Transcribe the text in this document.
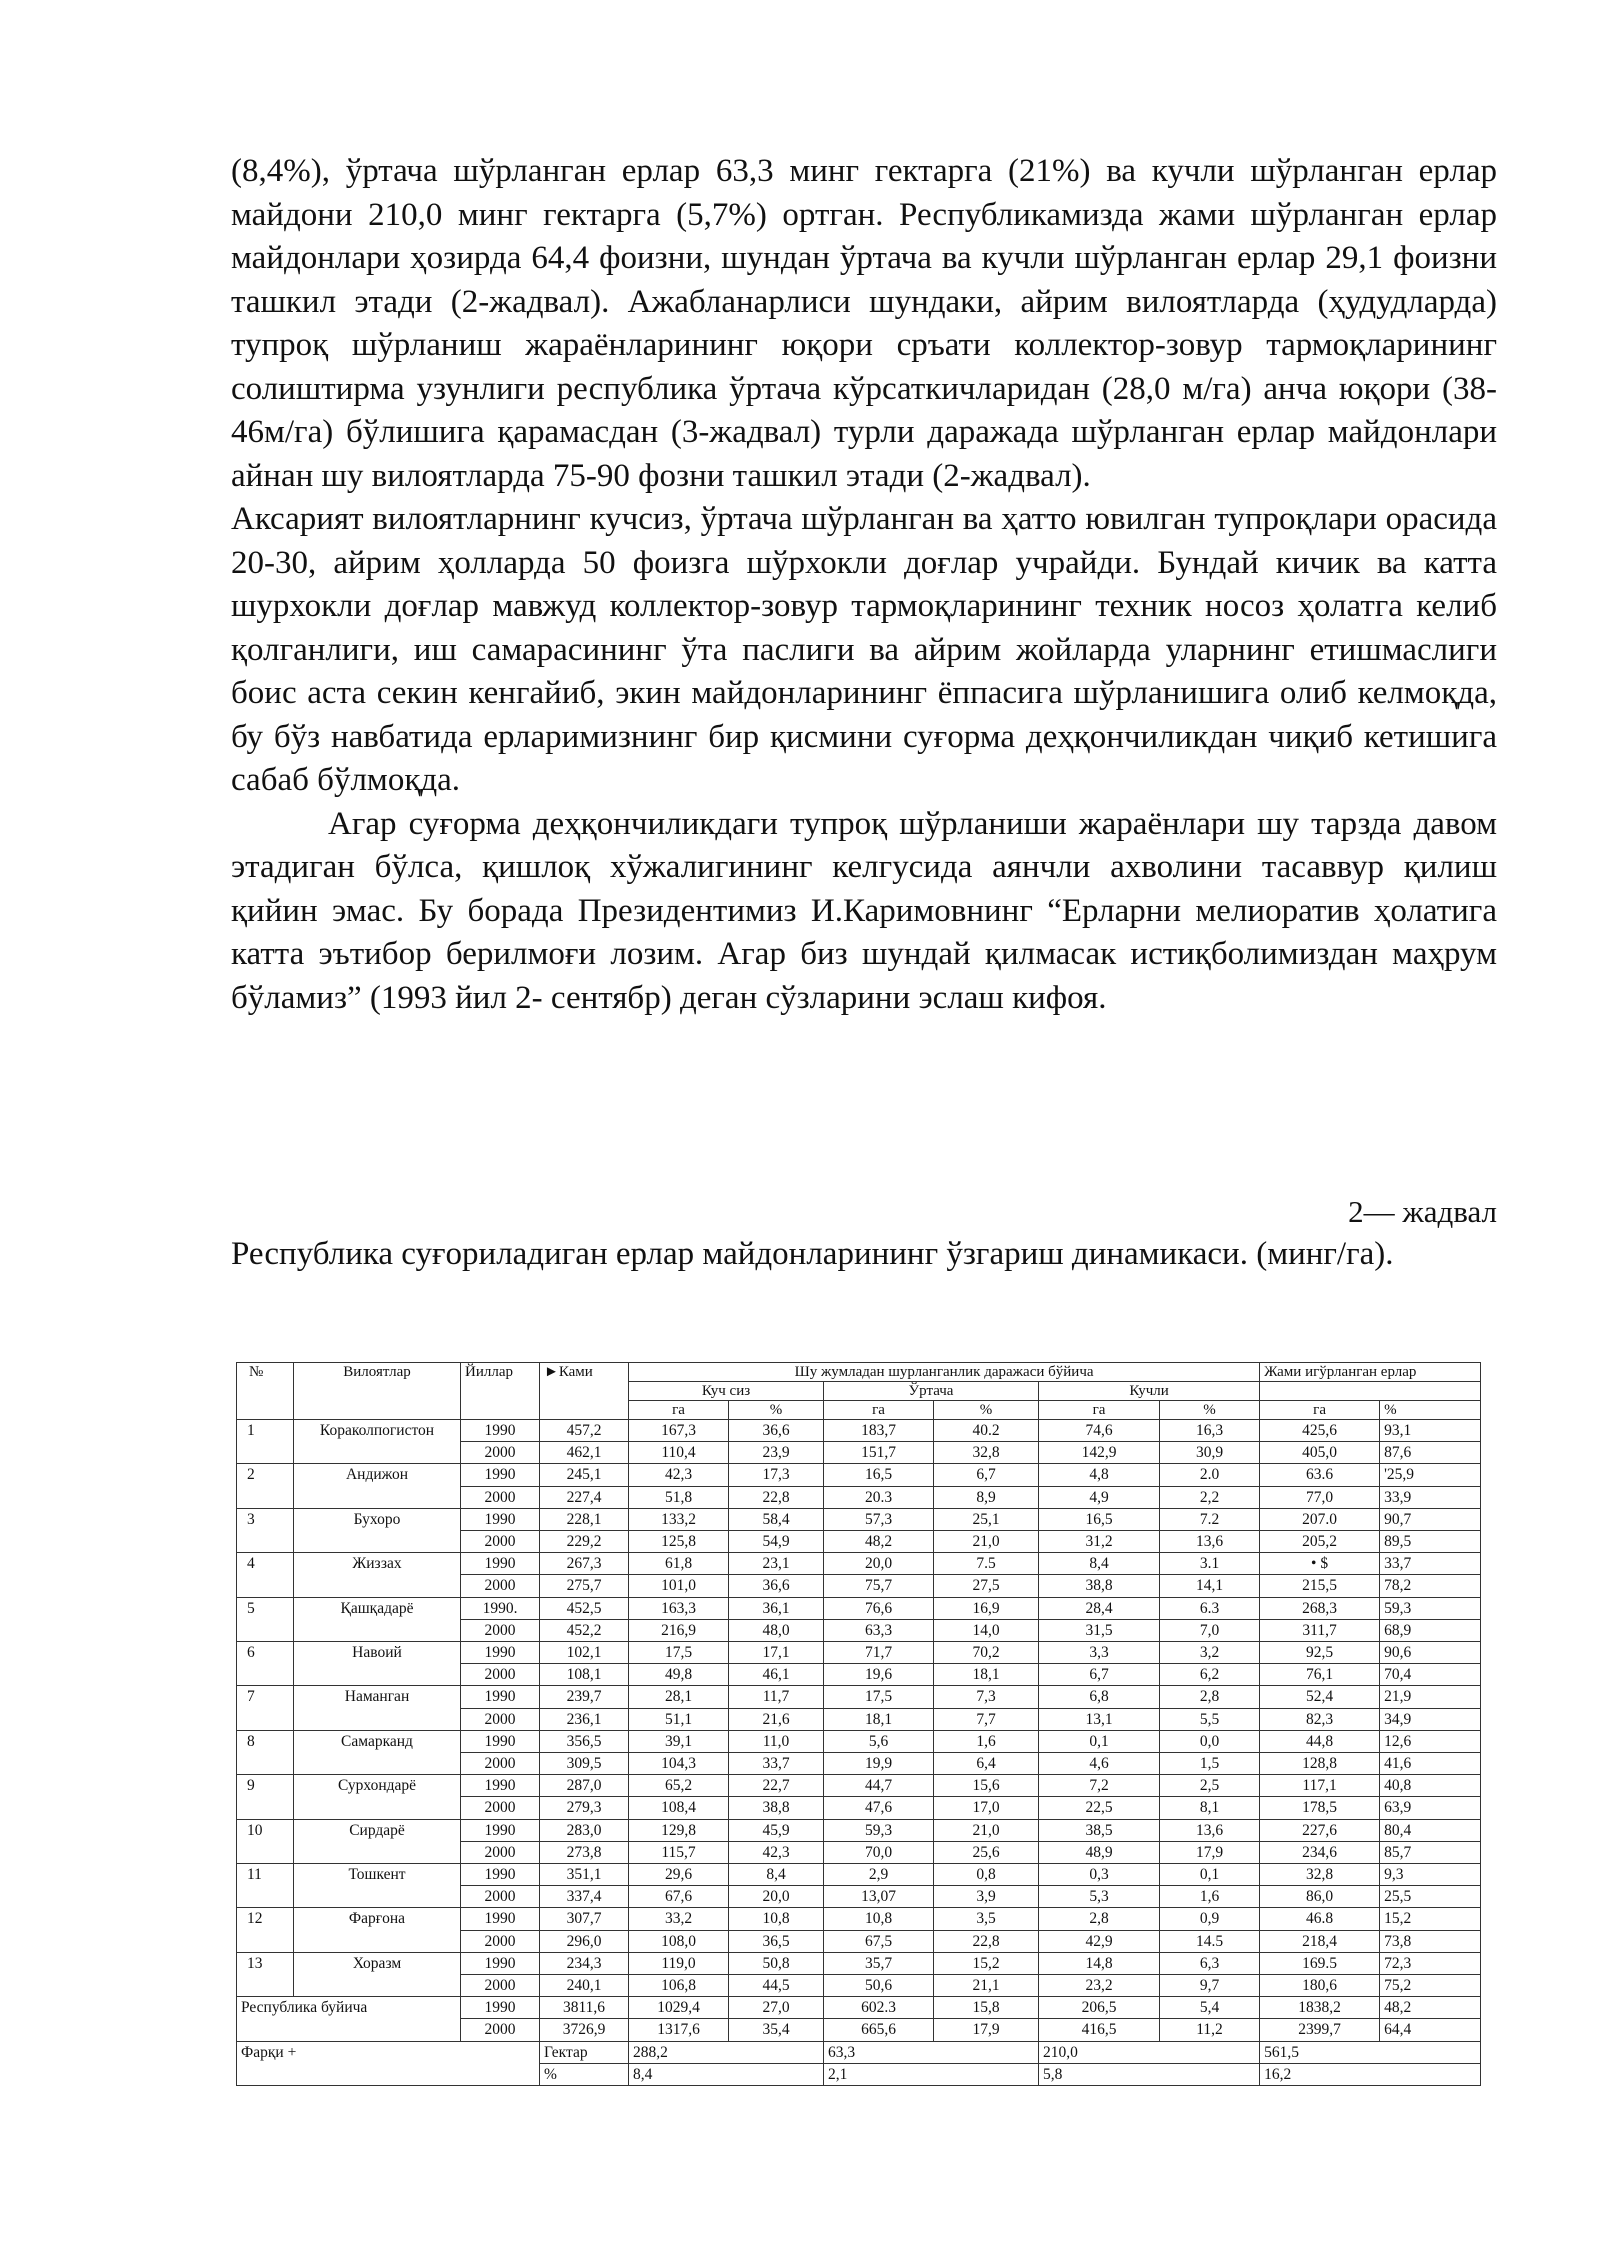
(8,4%), ўртача шўрланган ерлар 63,3 минг гектарга (21%) ва кучли шўрланган ерлар майдони 210,0 минг гектарга (5,7%) ортган. Республикамизда жами шўрланган ерлар майдонлари ҳозирда 64,4 фоизни, шундан ўртача ва кучли шўрланган ерлар 29,1 фоизни ташкил этади (2-жадвал). Ажабланарлиси шундаки, айрим вилоятларда (ҳудудларда) тупроқ шўрланиш жараёнларининг юқори сръати коллектор-зовур тармоқларининг солиштирма узунлиги республика ўртача кўрсаткичларидан (28,0 м/га) анча юқори (38-46м/га) бўлишига қарамасдан (3-жадвал) турли даражада шўрланган ерлар майдонлари айнан шу вилоятларда 75-90 фозни ташкил этади (2-жадвал).

Аксарият вилоятларнинг кучсиз, ўртача шўрланган ва ҳатто ювилган тупроқлари орасида 20-30, айрим ҳолларда 50 фоизга шўрхокли доғлар учрайди. Бундай кичик ва катта шурхокли доғлар мавжуд коллектор-зовур тармоқларининг техник носоз ҳолатга келиб қолганлиги, иш самарасининг ўта паслиги ва айрим жойларда уларнинг етишмаслиги боис аста секин кенгайиб, экин майдонларининг ёппасига шўрланишига олиб келмоқда, бу бўз навбатида ерларимизнинг бир қисмини суғорма деҳқончиликдан чиқиб кетишига сабаб бўлмоқда.

Агар суғорма деҳқончиликдаги тупроқ шўрланиши жараёнлари шу тарзда давом этадиган бўлса, қишлоқ хўжалигининг келгусида аянчли ахволини тасаввур қилиш қийин эмас. Бу борада Президентимиз И.Каримовнинг “Ерларни мелиоратив ҳолатига катта эътибор берилмоғи лозим. Агар биз шундай қилмасак истиқболимиздан маҳрум бўламиз” (1993 йил 2- сентябр) деган сўзларини эслаш кифоя.

2— жадвал
Республика суғориладиган ерлар майдонларининг ўзгариш динамикаси. (минг/га).
№	Вилоятлар	Йиллар	►Ками	Шу жумладан шурланганлик даражаси бўйича						Жами игўрланган ерлар	
				Куч сиз		Ўртача		Кучли			
				га	%	га	%	га	%	га	%
1	Кораколпогистон	1990	457,2	167,3	36,6	183,7	40.2	74,6	16,3	425,6	93,1
		2000	462,1	110,4	23,9	151,7	32,8	142,9	30,9	405,0	87,6
2	Андижон	1990	245,1	42,3	17,3	16,5	6,7	4,8	2.0	63.6	'25,9
		2000	227,4	51,8	22,8	20.3	8,9	4,9	2,2	77,0	33,9
3	Бухоро	1990	228,1	133,2	58,4	57,3	25,1	16,5	7.2	207.0	90,7
		2000	229,2	125,8	54,9	48,2	21,0	31,2	13,6	205,2	89,5
4	Жиззах	1990	267,3	61,8	23,1	20,0	7.5	8,4	3.1	• $	33,7
		2000	275,7	101,0	36,6	75,7	27,5	38,8	14,1	215,5	78,2
5	Қашқадарё	1990.	452,5	163,3	36,1	76,6	16,9	28,4	6.3	268,3	59,3
		2000	452,2	216,9	48,0	63,3	14,0	31,5	7,0	311,7	68,9
6	Навоий	1990	102,1	17,5	17,1	71,7	70,2	3,3	3,2	92,5	90,6
		2000	108,1	49,8	46,1	19,6	18,1	6,7	6,2	76,1	70,4
7	Наманган	1990	239,7	28,1	11,7	17,5	7,3	6,8	2,8	52,4	21,9
		2000	236,1	51,1	21,6	18,1	7,7	13,1	5,5	82,3	34,9
8	Самарканд	1990	356,5	39,1	11,0	5,6	1,6	0,1	0,0	44,8	12,6
		2000	309,5	104,3	33,7	19,9	6,4	4,6	1,5	128,8	41,6
9	Сурхондарё	1990	287,0	65,2	22,7	44,7	15,6	7,2	2,5	117,1	40,8
		2000	279,3	108,4	38,8	47,6	17,0	22,5	8,1	178,5	63,9
10	Сирдарё	1990	283,0	129,8	45,9	59,3	21,0	38,5	13,6	227,6	80,4
		2000	273,8	115,7	42,3	70,0	25,6	48,9	17,9	234,6	85,7
11	Тошкент	1990	351,1	29,6	8,4	2,9	0,8	0,3	0,1	32,8	9,3
		2000	337,4	67,6	20,0	13,07	3,9	5,3	1,6	86,0	25,5
12	Фарғона	1990	307,7	33,2	10,8	10,8	3,5	2,8	0,9	46.8	15,2
		2000	296,0	108,0	36,5	67,5	22,8	42,9	14.5	218,4	73,8
13	Хоразм	1990	234,3	119,0	50,8	35,7	15,2	14,8	6,3	169.5	72,3
		2000	240,1	106,8	44,5	50,6	21,1	23,2	9,7	180,6	75,2
Республика буйича		1990	3811,6	1029,4	27,0	602.3	15,8	206,5	5,4	1838,2	48,2
		2000	3726,9	1317,6	35,4	665,6	17,9	416,5	11,2	2399,7	64,4
Фарқи +			Гектар	288,2		63,3		210,0		561,5	
			%	8,4		2,1		5,8		16,2	
